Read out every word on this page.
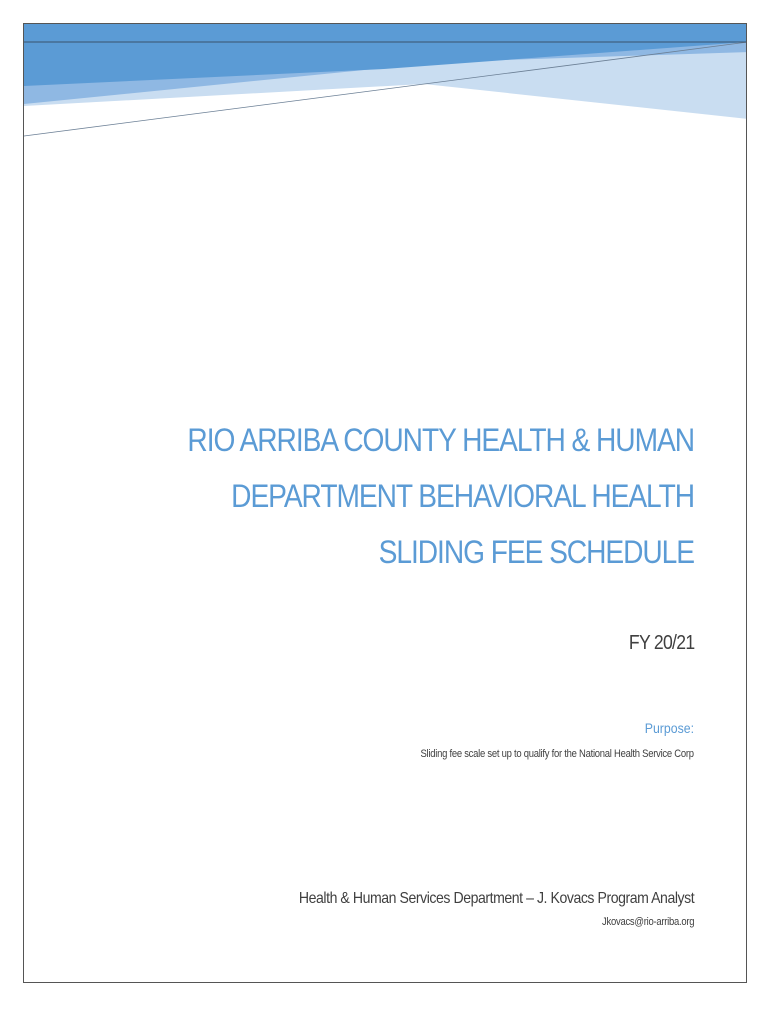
RIO ARRIBA COUNTY HEALTH & HUMAN
DEPARTMENT BEHAVIORAL HEALTH
SLIDING FEE SCHEDULE
FY 20/21
Purpose:
Sliding fee scale set up to qualify for the National Health Service Corp
Health & Human Services Department – J. Kovacs Program Analyst
Jkovacs@rio-arriba.org
